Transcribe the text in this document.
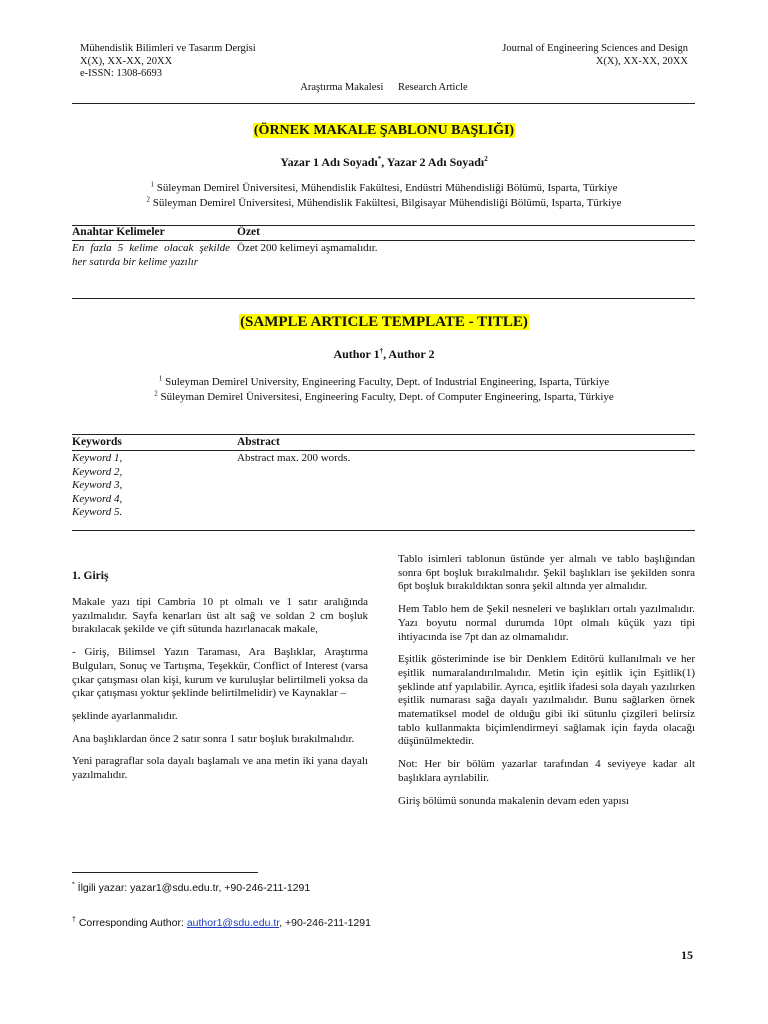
Mühendislik Bilimleri ve Tasarım Dergisi
X(X), XX-XX, 20XX
e-ISSN: 1308-6693
Journal of Engineering Sciences and Design
X(X), XX-XX, 20XX
Araştırma Makalesi Research Article
(ÖRNEK MAKALE ŞABLONU BAŞLIĞI)
Yazar 1 Adı Soyadı*, Yazar 2 Adı Soyadı$^2$
$^1$ Süleyman Demirel Üniversitesi, Mühendislik Fakültesi, Endüstri Mühendisliği Bölümü, Isparta, Türkiye
$^2$ Süleyman Demirel Üniversitesi, Mühendislik Fakültesi, Bilgisayar Mühendisliği Bölümü, Isparta, Türkiye
Anahtar Kelimeler	Özet
En fazla 5 kelime olacak şekilde her satırda bir kelime yazılır
Özet 200 kelimeyi aşmamalıdır.
(SAMPLE ARTICLE TEMPLATE - TITLE)
Author 1†, Author 2
$^1$ Suleyman Demirel University, Engineering Faculty, Dept. of Industrial Engineering, Isparta, Türkiye
$^2$ Süleyman Demirel Üniversitesi, Engineering Faculty, Dept. of Computer Engineering, Isparta, Türkiye
Keywords	Abstract
Keyword 1,
Keyword 2,
Keyword 3,
Keyword 4,
Keyword 5.
Abstract max. 200 words.
1. Giriş

Makale yazı tipi Cambria 10 pt olmalı ve 1 satır aralığında yazılmalıdır. Sayfa kenarları üst alt sağ ve soldan 2 cm boşluk bırakılacak şekilde ve çift sütunda hazırlanacak makale,

- Giriş, Bilimsel Yazın Taraması, Ara Başlıklar, Araştırma Bulguları, Sonuç ve Tartışma, Teşekkür, Conflict of Interest (varsa çıkar çatışması olan kişi, kurum ve kuruluşlar belirtilmeli yoksa da çıkar çatışması yoktur şeklinde belirtilmelidir) ve Kaynaklar –

şeklinde ayarlanmalıdır.

Ana başlıklardan önce 2 satır sonra 1 satır boşluk bırakılmalıdır.

Yeni paragraflar sola dayalı başlamalı ve ana metin iki yana dayalı yazılmalıdır.

Tablo isimleri tablonun üstünde yer almalı ve tablo başlığından sonra 6pt boşluk bırakılmalıdır. Şekil başlıkları ise şekilden sonra 6pt boşluk bırakıldıktan sonra şekil altında yer almalıdır.

Hem Tablo hem de Şekil nesneleri ve başlıkları ortalı yazılmalıdır. Yazı boyutu normal durumda 10pt olmalı küçük yazı tipi ihtiyacında ise 7pt dan az olmamalıdır.

Eşitlik gösteriminde ise bir Denklem Editörü kullanılmalı ve her eşitlik numaralandırılmalıdır. Metin için eşitlik için Eşitlik(1) şeklinde atıf yapılabilir. Ayrıca, eşitlik ifadesi sola dayalı yazılırken eşitlik numarası sağa dayalı yazılmalıdır. Bunu sağlarken örnek matematiksel model de olduğu gibi iki sütunlu çizgileri belirsiz tablo kullanmakta biçimlendirmeyi sağlamak için fayda olacağı düşünülmektedir.

Not: Her bir bölüm yazarlar tarafından 4 seviyeye kadar alt başlıklara ayrılabilir.

Giriş bölümü sonunda makalenin devam eden yapısı

* İlgili yazar: yazar1@sdu.edu.tr, +90-246-211-1291
† Corresponding Author: author1@sdu.edu.tr, +90-246-211-1291
15
